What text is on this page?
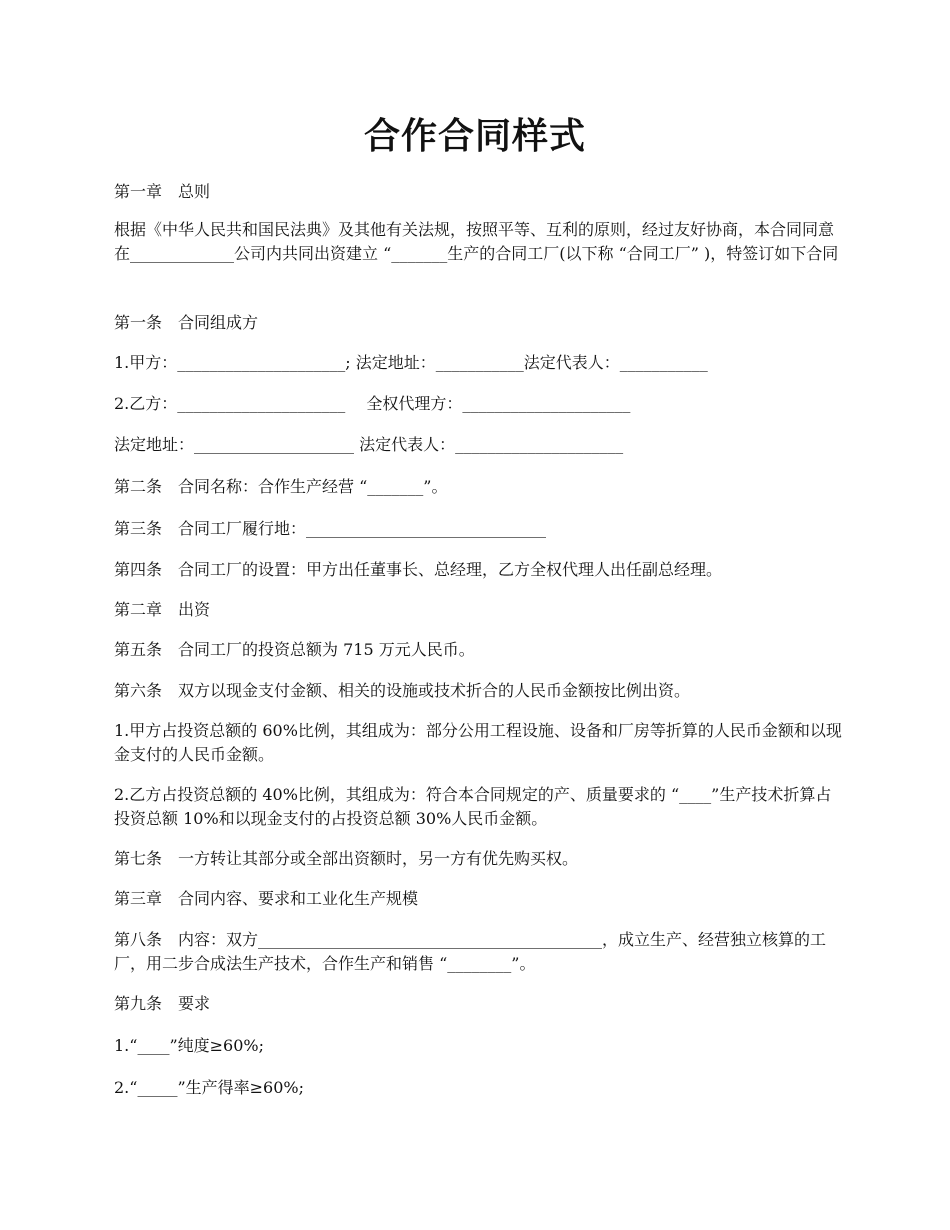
合作合同样式
第一章　总则
根据《中华人民共和国民法典》及其他有关法规，按照平等、互利的原则，经过友好协商，本合同同意在_____________公司内共同出资建立 “_______生产的合同工厂(以下称 “合同工厂” )，特签订如下合同
第一条　合同组成方
1.甲方：_____________________; 法定地址：___________法定代表人：___________
2.乙方：_____________________　 全权代理方：_____________________
法定地址：____________________ 法定代表人：_____________________
第二条　合同名称：合作生产经营 “_______”。
第三条　合同工厂履行地：______________________________
第四条　合同工厂的设置：甲方出任董事长、总经理，乙方全权代理人出任副总经理。
第二章　出资
第五条　合同工厂的投资总额为 715 万元人民币。
第六条　双方以现金支付金额、相关的设施或技术折合的人民币金额按比例出资。
1.甲方占投资总额的 60%比例，其组成为：部分公用工程设施、设备和厂房等折算的人民币金额和以现金支付的人民币金额。
2.乙方占投资总额的 40%比例，其组成为：符合本合同规定的产、质量要求的 “____”生产技术折算占投资总额 10%和以现金支付的占投资总额 30%人民币金额。
第七条　一方转让其部分或全部出资额时，另一方有优先购买权。
第三章　合同内容、要求和工业化生产规模
第八条　内容：双方___________________________________________，成立生产、经营独立核算的工厂，用二步合成法生产技术，合作生产和销售 “________”。
第九条　要求
1.“____”纯度≥60%;
2.“_____”生产得率≥60%;
